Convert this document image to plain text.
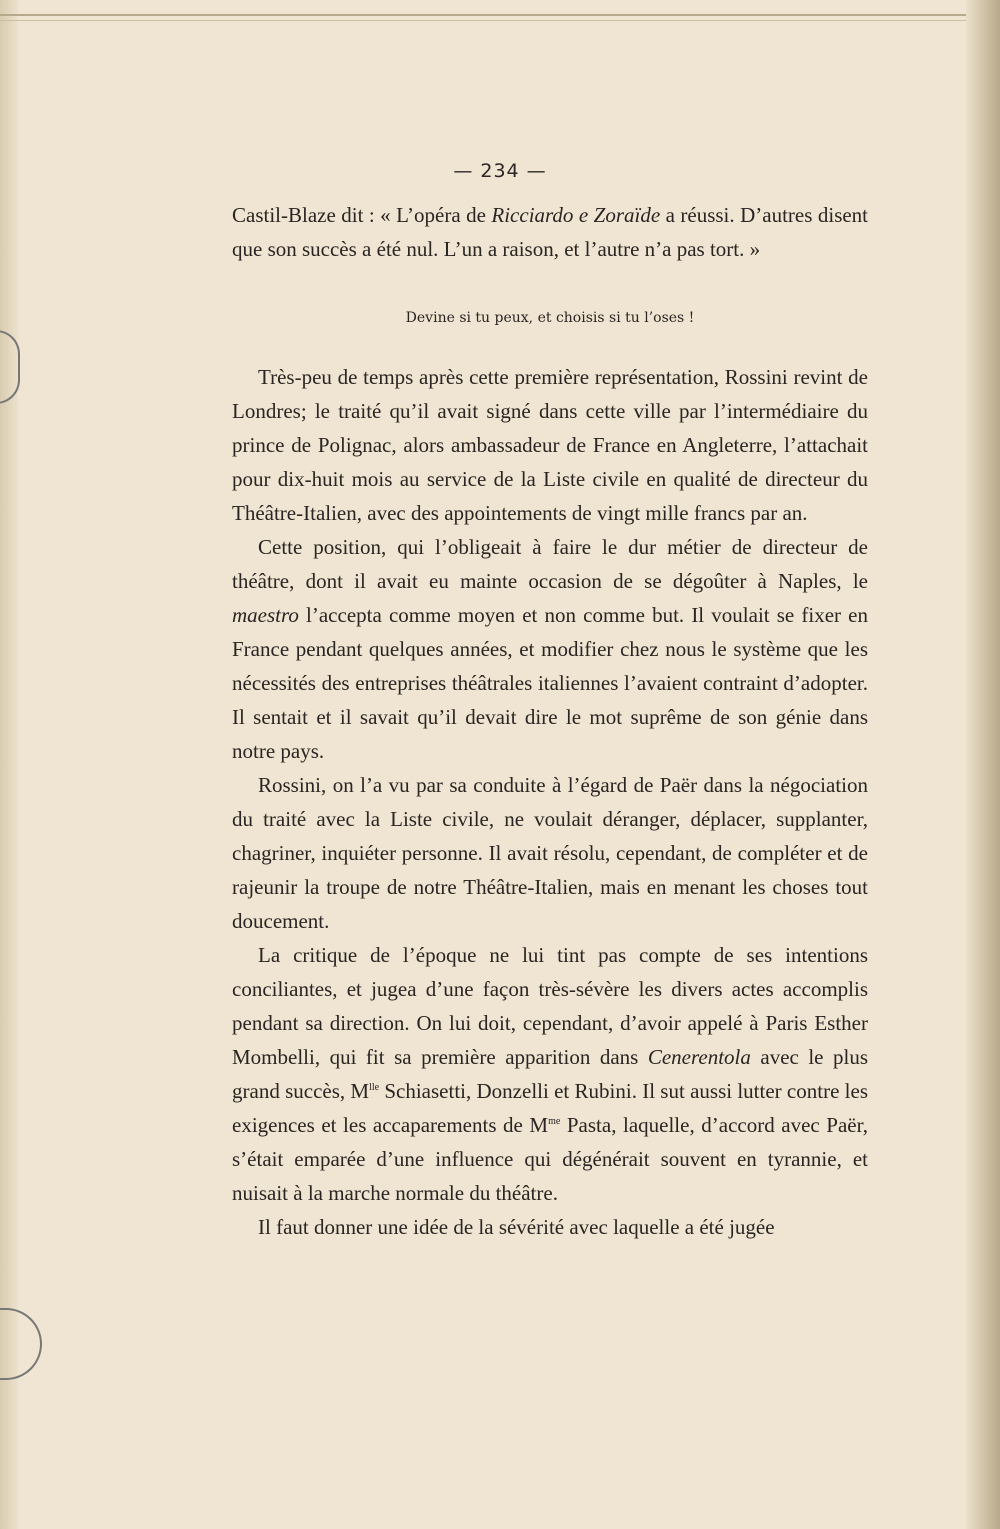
— 234 —

Castil-Blaze dit : « L’opéra de Ricciardo e Zoraïde a réussi. D’autres disent que son succès a été nul. L’un a raison, et l’autre n’a pas tort. »

Devine si tu peux, et choisis si tu l’oses !

Très-peu de temps après cette première représentation, Rossini revint de Londres; le traité qu’il avait signé dans cette ville par l’intermédiaire du prince de Polignac, alors ambassadeur de France en Angleterre, l’attachait pour dix-huit mois au service de la Liste civile en qualité de directeur du Théâtre-Italien, avec des appointements de vingt mille francs par an.

Cette position, qui l’obligeait à faire le dur métier de directeur de théâtre, dont il avait eu mainte occasion de se dégoûter à Naples, le maestro l’accepta comme moyen et non comme but. Il voulait se fixer en France pendant quelques années, et modifier chez nous le système que les nécessités des entreprises théâtrales italiennes l’avaient contraint d’adopter. Il sentait et il savait qu’il devait dire le mot suprême de son génie dans notre pays.

Rossini, on l’a vu par sa conduite à l’égard de Paër dans la négociation du traité avec la Liste civile, ne voulait déranger, déplacer, supplanter, chagriner, inquiéter personne. Il avait résolu, cependant, de compléter et de rajeunir la troupe de notre Théâtre-Italien, mais en menant les choses tout doucement.

La critique de l’époque ne lui tint pas compte de ses intentions conciliantes, et jugea d’une façon très-sévère les divers actes accomplis pendant sa direction. On lui doit, cependant, d’avoir appelé à Paris Esther Mombelli, qui fit sa première apparition dans Cenerentola avec le plus grand succès, $M^{lle}$ Schiasetti, Donzelli et Rubini. Il sut aussi lutter contre les exigences et les accaparements de $M^{me}$ Pasta, laquelle, d’accord avec Paër, s’était emparée d’une influence qui dégénérait souvent en tyrannie, et nuisait à la marche normale du théâtre.

Il faut donner une idée de la sévérité avec laquelle a été jugée
